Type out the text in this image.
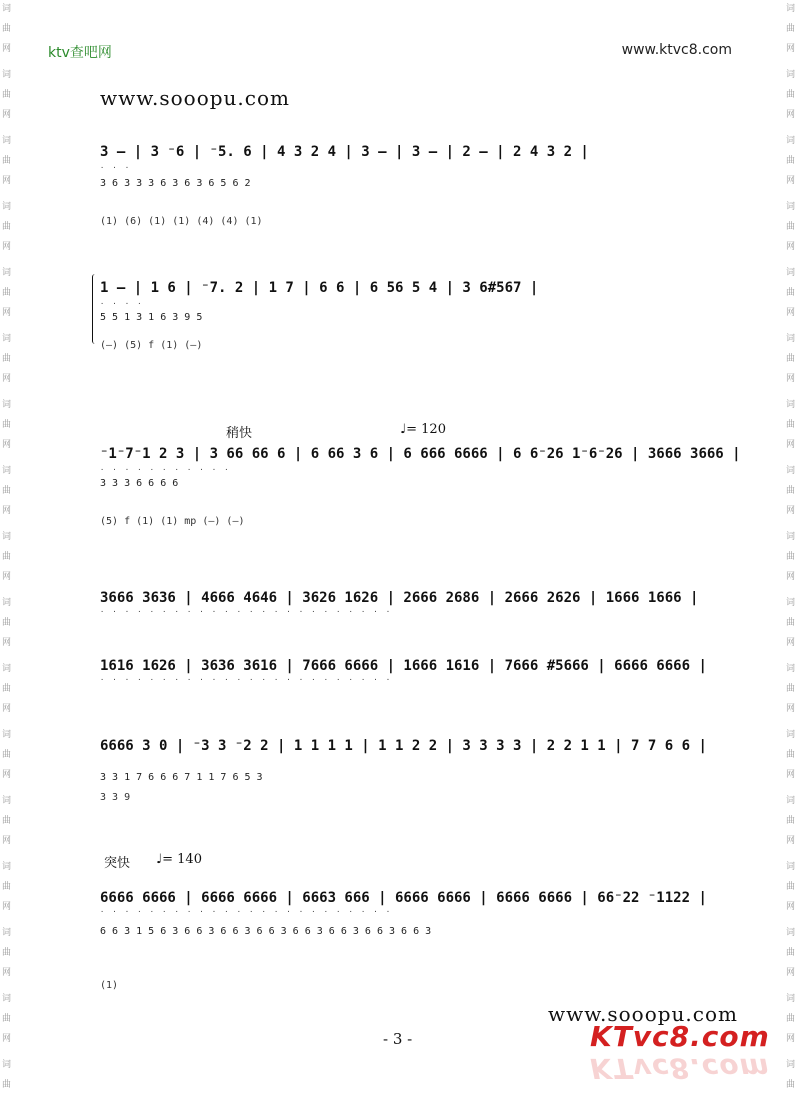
词
曲
网
词
曲
网
词
曲
网
词
曲
网
词
曲
网
词
曲
网
词
曲
网
词
曲
网
词
曲
网
词
曲
网
词
曲
网
词
曲
网
词
曲
网
词
曲
网
词
曲
网
词
曲
网
词
曲
词
曲
网
词
曲
网
词
曲
网
词
曲
网
词
曲
网
词
曲
网
词
曲
网
词
曲
网
词
曲
网
词
曲
网
词
曲
网
词
曲
网
词
曲
网
词
曲
网
词
曲
网
词
曲
网
词
曲
ktv查吧网	www.ktvc8.com
www.sooopu.com
3 – | 3 ⁻6 | ⁻5. 6 | 4 3 2 4 | 3 – | 3 – | 2 – | 2 4 3 2 |
· · ·
3 6 3 3 3 6 3 6 3 6 5 6 2
(1) (6) (1) (1) (4) (4) (1)
1 – | 1 6 | ⁻7. 2 | 1 7 | 6 6 | 6 56 5 4 | 3 6#567 |
· · · ·
5 5 1 3 1 6 3 9 5
(–) (5) f (1) (–)
稍快	♩= 120
⁻1⁻7⁻1 2 3 | 3 66 66 6 | 6 66 3 6 | 6 666 6666 | 6 6⁻26 1⁻6⁻26 | 3666 3666 |
· · · · · · · · · · ·
3 3 3 6 6 6 6
(5) f (1) (1) mp (–) (–)
3666 3636 | 4666 4646 | 3626 1626 | 2666 2686 | 2666 2626 | 1666 1666 |
· · · · · · · · · · · · · · · · · · · · · · · ·
1616 1626 | 3636 3616 | 7666 6666 | 1666 1616 | 7666 #5666 | 6666 6666 |
· · · · · · · · · · · · · · · · · · · · · · · ·
6666 3 0 | ⁻3 3 ⁻2 2 | 1 1 1 1 | 1 1 2 2 | 3 3 3 3 | 2 2 1 1 | 7 7 6 6 |
3 3 1 7 6 6 6 7 1 1 7 6 5 3
3 3 9
突快 ♩= 140
6666 6666 | 6666 6666 | 6663 666 | 6666 6666 | 6666 6666 | 66⁻22 ⁻1122 |
· · · · · · · · · · · · · · · · · · · · · · · ·
6 6 3 1 5 6 3 6 6 3 6 6 3 6 6 3 6 6 3 6 6 3 6 6 3 6 6 3
(1)
www.sooopu.com
- 3 -	KTvc8.com
KTvc8.com
